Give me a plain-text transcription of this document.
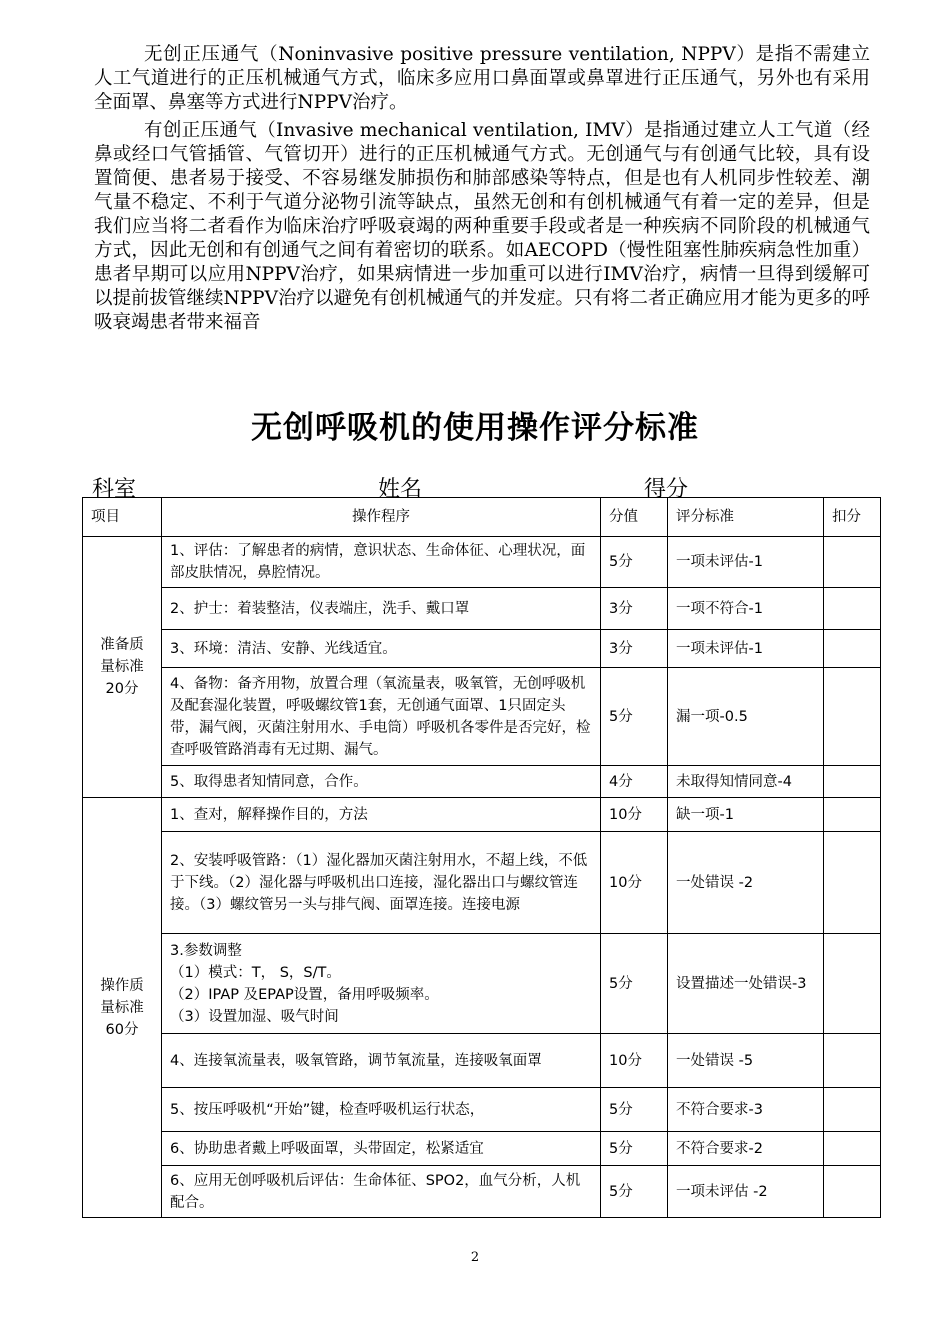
无创正压通气（Noninvasive positive pressure ventilation, NPPV）是指不需建立人工气道进行的正压机械通气方式，临床多应用口鼻面罩或鼻罩进行正压通气，另外也有采用全面罩、鼻塞等方式进行NPPV治疗。

有创正压通气（Invasive mechanical ventilation, IMV）是指通过建立人工气道（经鼻或经口气管插管、气管切开）进行的正压机械通气方式。无创通气与有创通气比较，具有设置简便、患者易于接受、不容易继发肺损伤和肺部感染等特点，但是也有人机同步性较差、潮气量不稳定、不利于气道分泌物引流等缺点，虽然无创和有创机械通气有着一定的差异，但是我们应当将二者看作为临床治疗呼吸衰竭的两种重要手段或者是一种疾病不同阶段的机械通气方式，因此无创和有创通气之间有着密切的联系。如AECOPD（慢性阻塞性肺疾病急性加重）患者早期可以应用NPPV治疗，如果病情进一步加重可以进行IMV治疗，病情一旦得到缓解可以提前拔管继续NPPV治疗以避免有创机械通气的并发症。只有将二者正确应用才能为更多的呼吸衰竭患者带来福音

无创呼吸机的使用操作评分标准
科室	姓名	得分
项目	操作程序	分值	评分标准	扣分

准备质
量标准
20分	1、评估：了解患者的病情，意识状态、生命体征、心理状况，面部皮肤情况，鼻腔情况。	5分	一项未评估-1	
	2、护士：着装整洁，仪表端庄，洗手、戴口罩	3分	一项不符合-1	
	3、环境：清洁、安静、光线适宜。	3分	一项未评估-1	
	4、备物：备齐用物，放置合理（氧流量表，吸氧管，无创呼吸机及配套湿化装置，呼吸螺纹管1套，无创通气面罩、1只固定头带，漏气阀，灭菌注射用水、手电筒）呼吸机各零件是否完好，检查呼吸管路消毒有无过期、漏气。	5分	漏一项-0.5	
	5、取得患者知情同意，合作。	4分	未取得知情同意-4	

操作质
量标准
60分	1、查对，解释操作目的，方法	10分	缺一项-1	
	2、安装呼吸管路：（1）湿化器加灭菌注射用水，不超上线，不低于下线。（2）湿化器与呼吸机出口连接，湿化器出口与螺纹管连接。（3）螺纹管另一头与排气阀、面罩连接。连接电源	10分	一处错误 -2	

	3.参数调整
（1）模式：T， S，S/T。
（2）IPAP 及EPAP设置，备用呼吸频率。
（3）设置加湿、吸气时间	5分	设置描述一处错误-3	
	4、连接氧流量表，吸氧管路，调节氧流量，连接吸氧面罩	10分	一处错误 -5	
	5、按压呼吸机“开始”键，检查呼吸机运行状态，	5分	不符合要求-3	
	6、协助患者戴上呼吸面罩，头带固定，松紧适宜	5分	不符合要求-2	
	6、应用无创呼吸机后评估：生命体征、SPO2，血气分析，人机配合。	5分	一项未评估 -2	
2
